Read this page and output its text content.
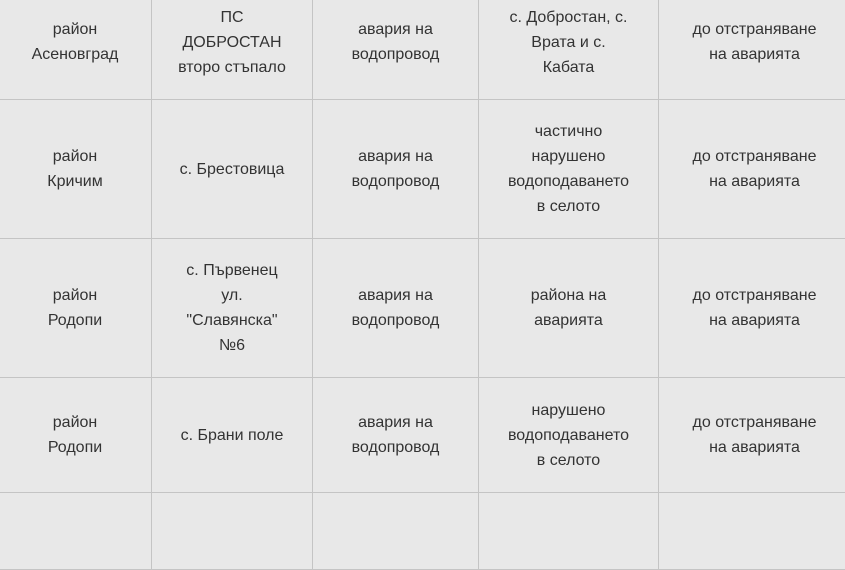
район
Асеновград	ПС
ДОБРОСТАН
второ стъпало	авария на
водопровод	с. Добростан, с.
Врата и с.
Кабата	до отстраняване
на аварията
район
Кричим	с. Брестовица	авария на
водопровод	частично
нарушено
водоподаването
в селото	до отстраняване
на аварията
район
Родопи	с. Първенец
ул.
"Славянска"
№6	авария на
водопровод	района на
аварията	до отстраняване
на аварията
район
Родопи	с. Брани поле	авария на
водопровод	нарушено
водоподаването
в селото	до отстраняване
на аварията
